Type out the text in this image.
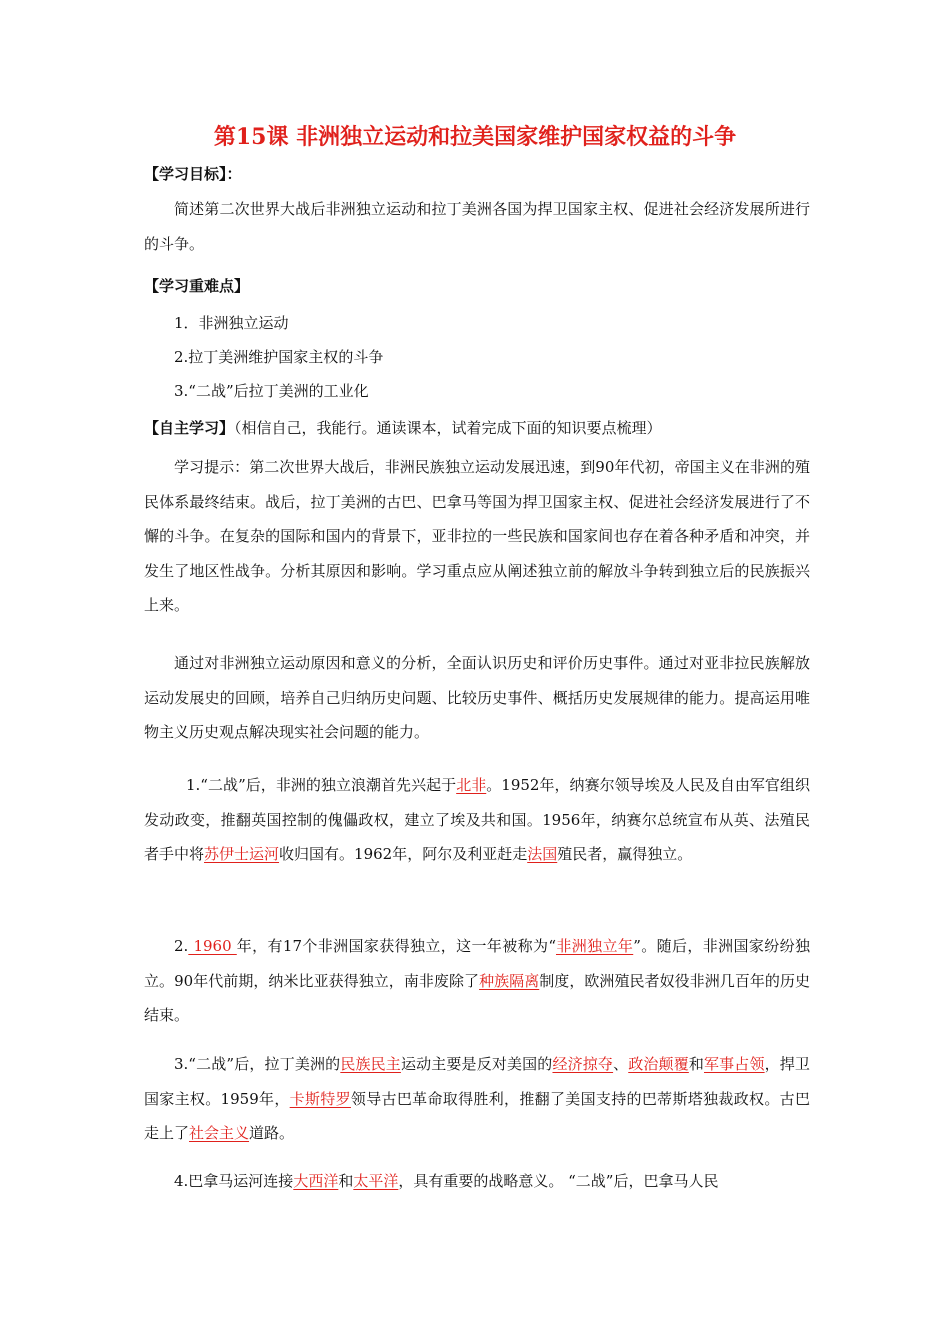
第15课 非洲独立运动和拉美国家维护国家权益的斗争
【学习目标】：

简述第二次世界大战后非洲独立运动和拉丁美洲各国为捍卫国家主权、促进社会经济发展所进行的斗争。

【学习重难点】
1．非洲独立运动
2.拉丁美洲维护国家主权的斗争
3.“二战”后拉丁美洲的工业化
【自主学习】（相信自己，我能行。通读课本，试着完成下面的知识要点梳理）

学习提示：第二次世界大战后，非洲民族独立运动发展迅速，到90年代初，帝国主义在非洲的殖民体系最终结束。战后，拉丁美洲的古巴、巴拿马等国为捍卫国家主权、促进社会经济发展进行了不懈的斗争。在复杂的国际和国内的背景下，亚非拉的一些民族和国家间也存在着各种矛盾和冲突，并发生了地区性战争。分析其原因和影响。学习重点应从阐述独立前的解放斗争转到独立后的民族振兴上来。

通过对非洲独立运动原因和意义的分析，全面认识历史和评价历史事件。通过对亚非拉民族解放运动发展史的回顾，培养自己归纳历史问题、比较历史事件、概括历史发展规律的能力。提高运用唯物主义历史观点解决现实社会问题的能力。

1.“二战”后，非洲的独立浪潮首先兴起于北非。1952年，纳赛尔领导埃及人民及自由军官组织发动政变，推翻英国控制的傀儡政权，建立了埃及共和国。1956年，纳赛尔总统宣布从英、法殖民者手中将苏伊士运河收归国有。1962年，阿尔及利亚赶走法国殖民者，赢得独立。

2. 1960 年，有17个非洲国家获得独立，这一年被称为“非洲独立年”。随后，非洲国家纷纷独立。90年代前期，纳米比亚获得独立，南非废除了种族隔离制度，欧洲殖民者奴役非洲几百年的历史结束。

3.“二战”后，拉丁美洲的民族民主运动主要是反对美国的经济掠夺、政治颠覆和军事占领，捍卫国家主权。1959年，卡斯特罗领导古巴革命取得胜利，推翻了美国支持的巴蒂斯塔独裁政权。古巴走上了社会主义道路。

4.巴拿马运河连接大西洋和太平洋，具有重要的战略意义。 “二战”后，巴拿马人民
